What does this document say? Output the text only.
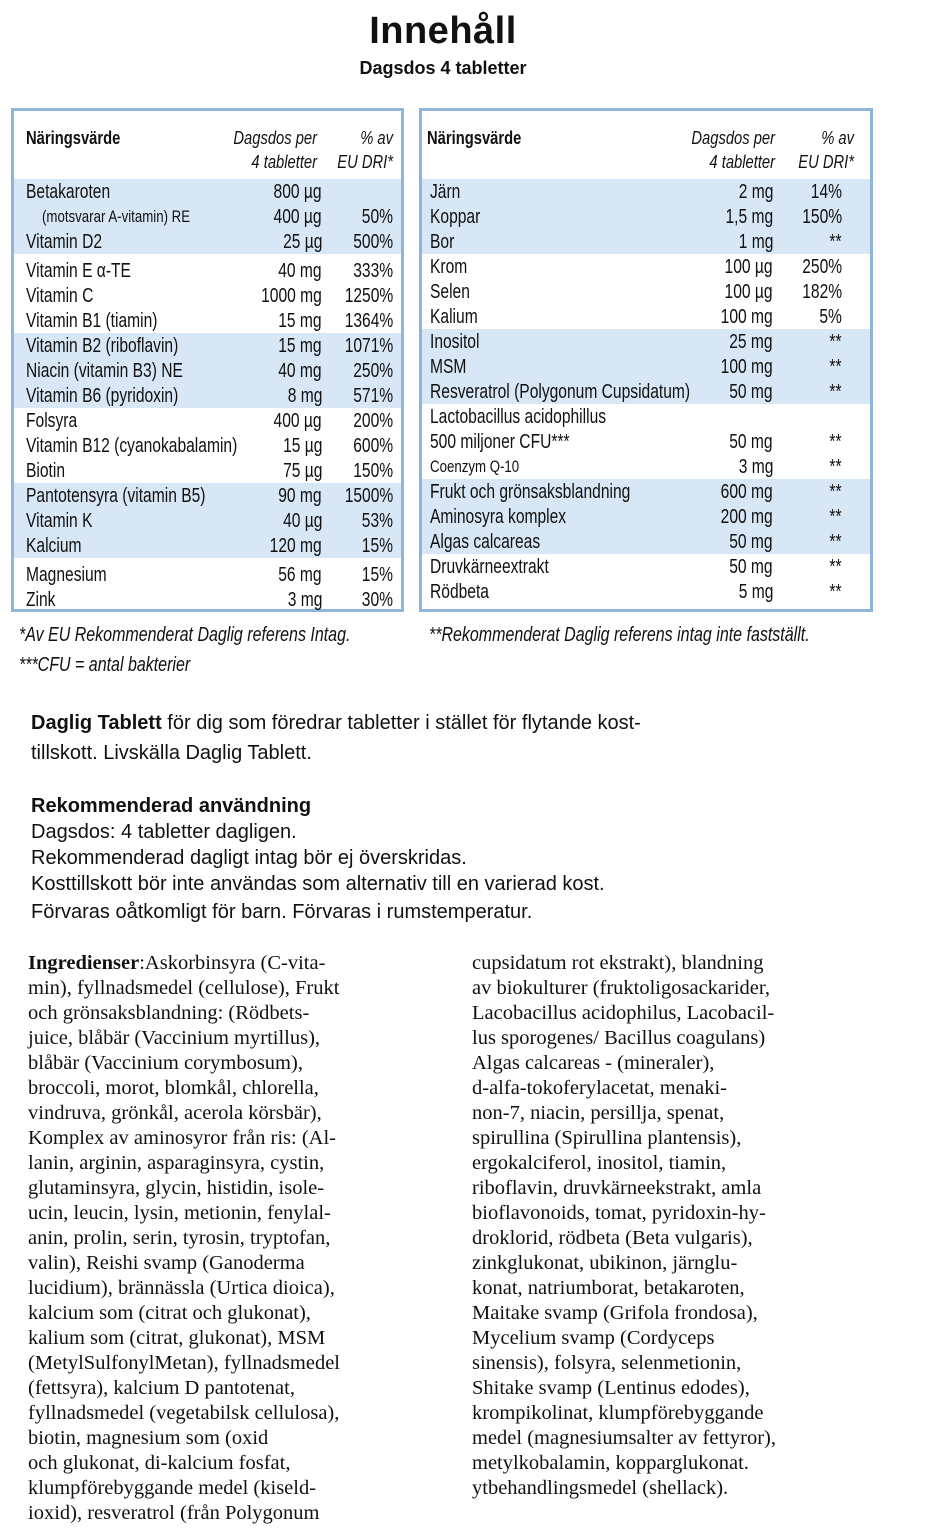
Innehåll
Dagsdos 4 tabletter
Näringsvärde	Dagsdos per
4 tabletter
% av
EU DRI*
Betakaroten	800 µg
(motsvarar A-vitamin) RE	400 µg 50%
Vitamin D2	25 µg 500%
Vitamin E α-TE	40 mg 333%
Vitamin C	1000 mg 1250%
Vitamin B1 (tiamin)	15 mg 1364%
Vitamin B2 (riboflavin)	15 mg 1071%
Niacin (vitamin B3) NE	40 mg 250%
Vitamin B6 (pyridoxin)	8 mg 571%
Folsyra	400 µg 200%
Vitamin B12 (cyanokabalamin) 15 µg 600%
Biotin	75 µg 150%
Pantotensyra (vitamin B5)	90 mg 1500%
Vitamin K	40 µg 53%
Kalcium	120 mg 15%
Magnesium	56 mg 15%
Zink	3 mg 30%
Näringsvärde	Dagsdos per
4 tabletter
% av
EU DRI*
Järn	2 mg 14%
Koppar	1,5 mg 150%
Bor	1 mg	**
Krom	100 µg 250%
Selen	100 µg 182%
Kalium	100 mg 5%
Inositol	25 mg	**
MSM	100 mg	**
Resveratrol (Polygonum Cupsidatum) 50 mg	**
Lactobacillus acidophillus
500 miljoner CFU***	50 mg	**
Coenzym Q-10	3 mg	**
Frukt och grönsaksblandning	600 mg	**
Aminosyra komplex	200 mg	**
Algas calcareas	50 mg	**
Druvkärneextrakt	50 mg	**
Rödbeta	5 mg	**
*Av EU Rekommenderat Daglig referens Intag.	**Rekommenderat Daglig referens intag inte fastställt.
***CFU = antal bakterier
Daglig Tablett för dig som föredrar tabletter i stället för flytande kost-
tillskott. Livskälla Daglig Tablett.
Rekommenderad användning
Dagsdos: 4 tabletter dagligen.
Rekommenderad dagligt intag bör ej överskridas.
Kosttillskott bör inte användas som alternativ till en varierad kost.
Förvaras oåtkomligt för barn. Förvaras i rumstemperatur.
Ingredienser:Askorbinsyra (C-vita-
min), fyllnadsmedel (cellulose), Frukt
och grönsaksblandning: (Rödbets-
juice, blåbär (Vaccinium myrtillus),
blåbär (Vaccinium corymbosum),
broccoli, morot, blomkål, chlorella,
vindruva, grönkål, acerola körsbär),
Komplex av aminosyror från ris: (Al-
lanin, arginin, asparaginsyra, cystin,
glutaminsyra, glycin, histidin, isole-
ucin, leucin, lysin, metionin, fenylal-
anin, prolin, serin, tyrosin, tryptofan,
valin), Reishi svamp (Ganoderma
lucidium), brännässla (Urtica dioica),
kalcium som (citrat och glukonat),
kalium som (citrat, glukonat), MSM
(MetylSulfonylMetan), fyllnadsmedel
(fettsyra), kalcium D pantotenat,
fyllnadsmedel (vegetabilsk cellulosa),
biotin, magnesium som (oxid
och glukonat, di-kalcium fosfat,
klumpförebyggande medel (kiseld-
ioxid), resveratrol (från Polygonum
cupsidatum rot ekstrakt), blandning
av biokulturer (fruktoligosackarider,
Lacobacillus acidophilus, Lacobacil-
lus sporogenes/ Bacillus coagulans)
Algas calcareas - (mineraler),
d-alfa-tokoferylacetat, menaki-
non-7, niacin, persillja, spenat,
spirullina (Spirullina plantensis),
ergokalciferol, inositol, tiamin,
riboflavin, druvkärneekstrakt, amla
bioflavonoids, tomat, pyridoxin-hy-
droklorid, rödbeta (Beta vulgaris),
zinkglukonat, ubikinon, järnglu-
konat, natriumborat, betakaroten,
Maitake svamp (Grifola frondosa),
Mycelium svamp (Cordyceps
sinensis), folsyra, selenmetionin,
Shitake svamp (Lentinus edodes),
krompikolinat, klumpförebyggande
medel (magnesiumsalter av fettyror),
metylkobalamin, kopparglukonat.
ytbehandlingsmedel (shellack).
